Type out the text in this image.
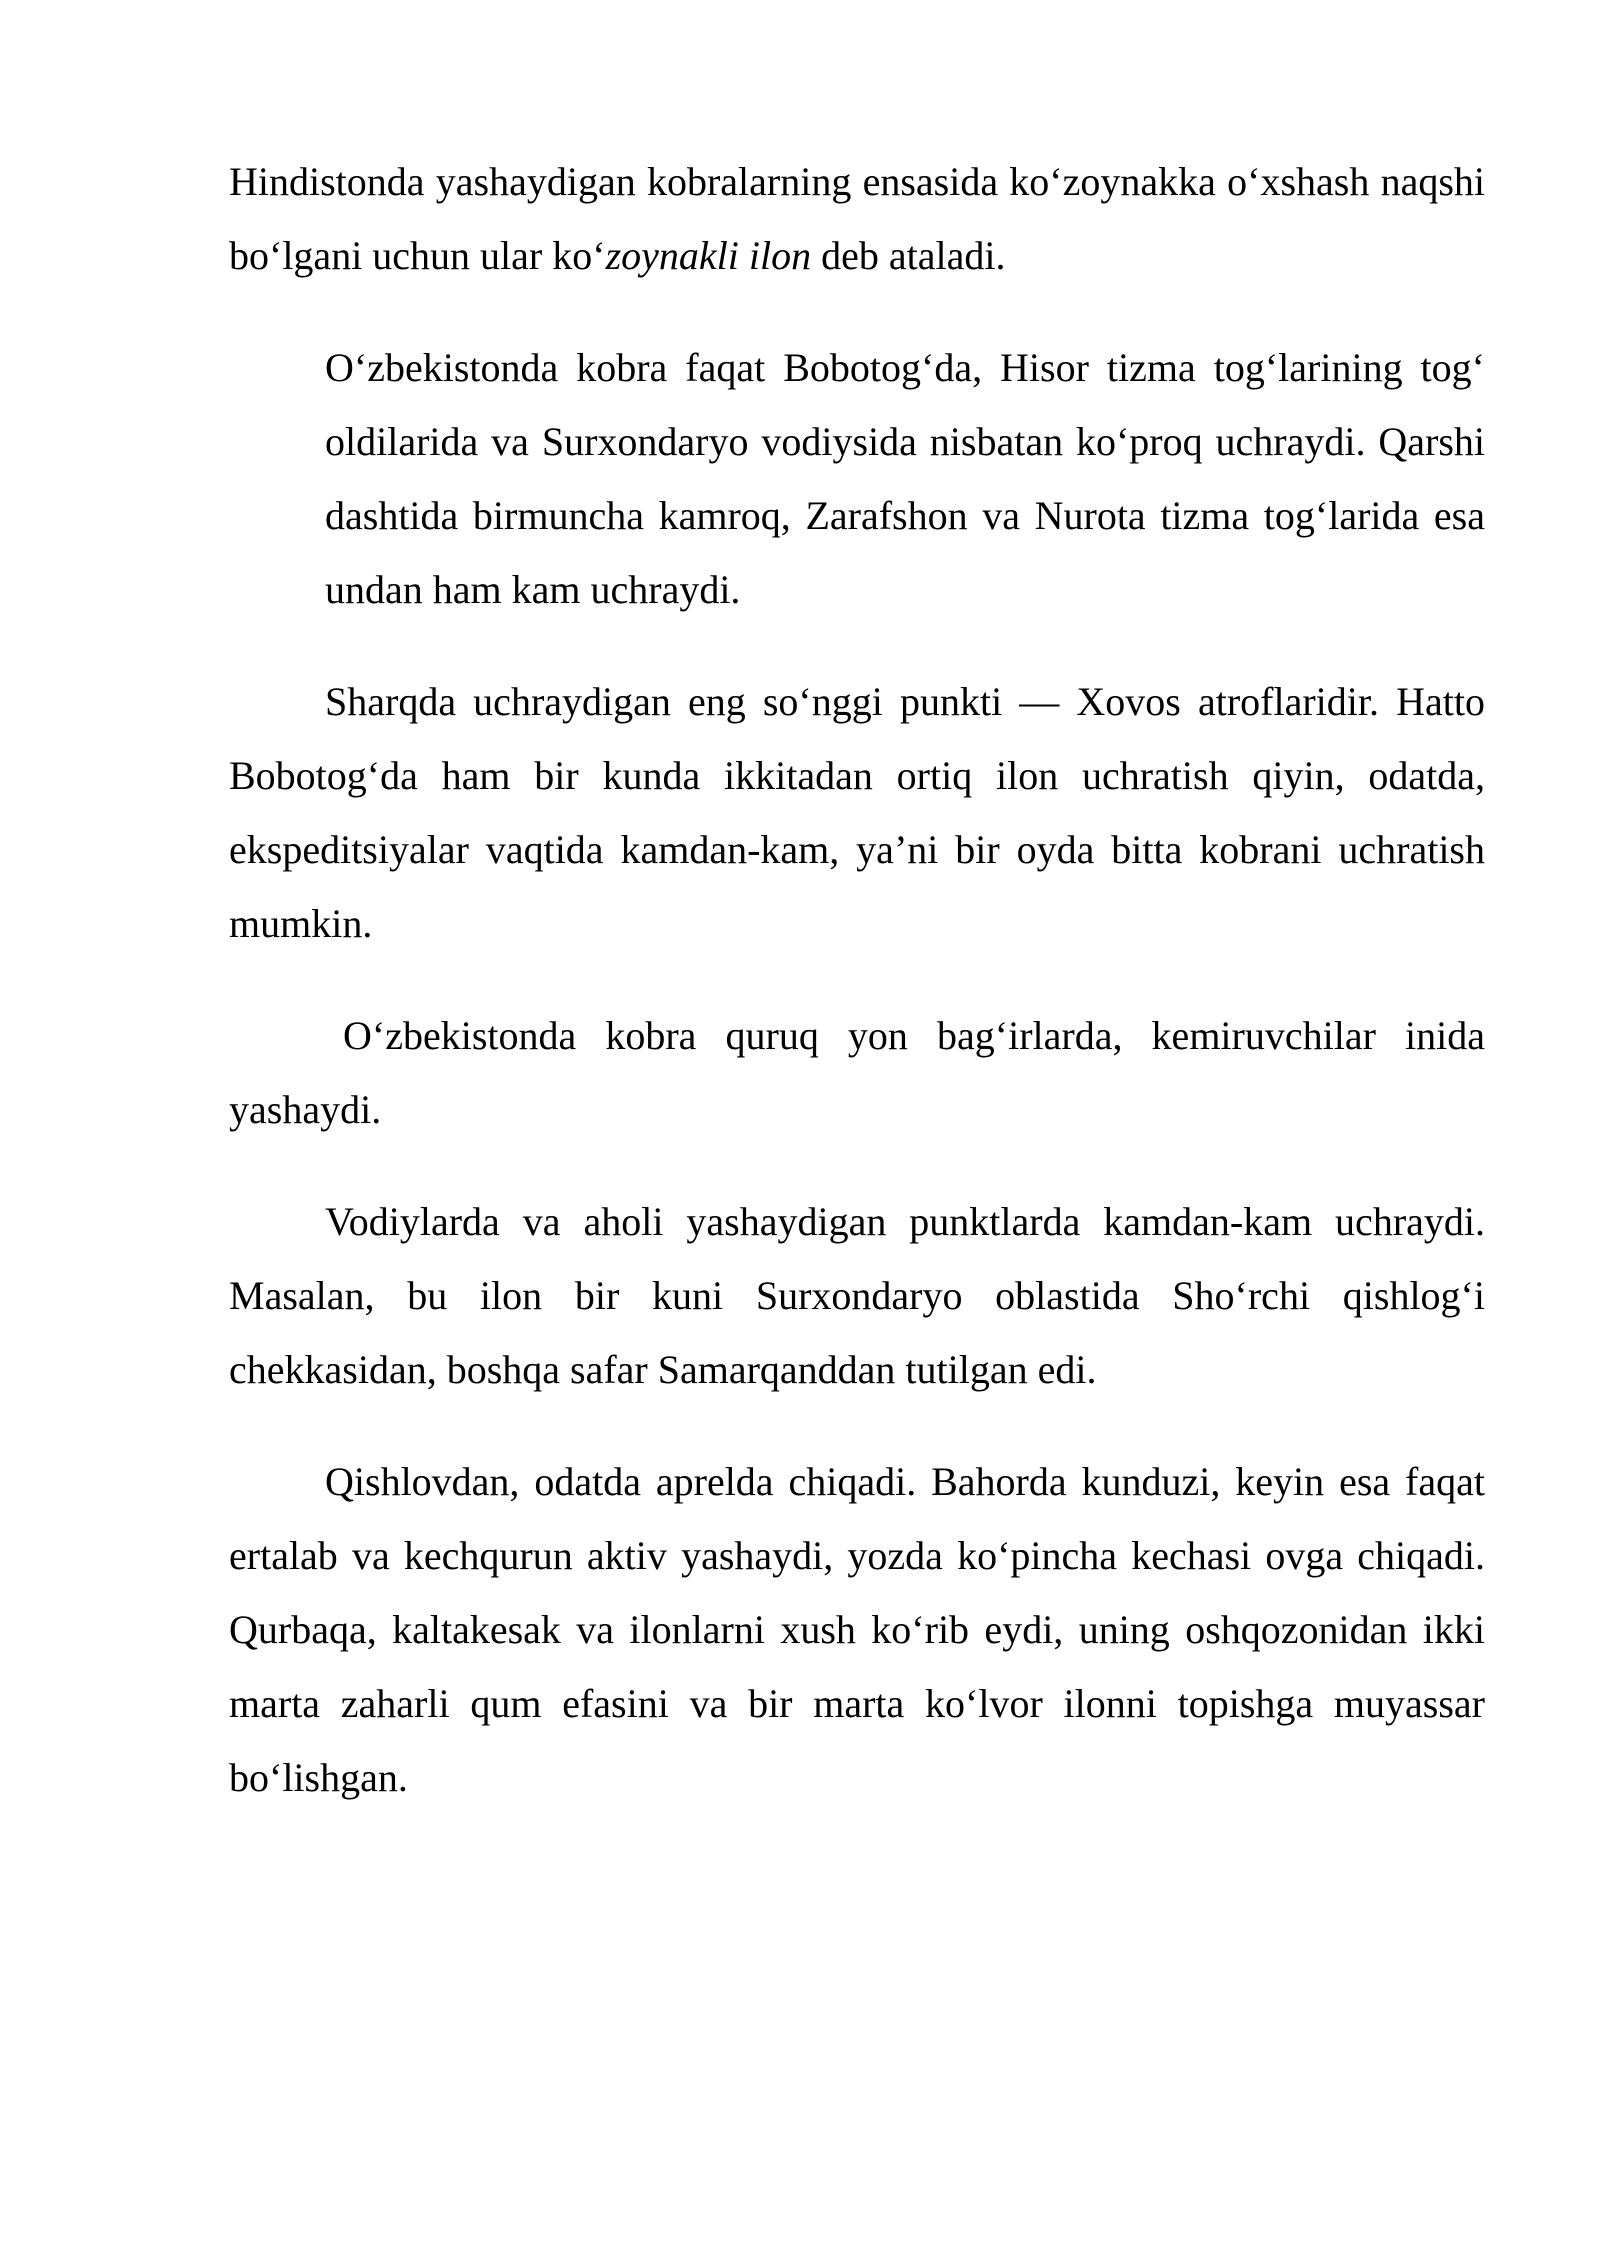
Hindistonda yashaydigan kobralarning ensasida ko‘zoynakka o‘xshash naqshi bo‘lgani uchun ular ko‘zoynakli ilon deb ataladi.

O‘zbekistonda kobra faqat Bobotog‘da, Hisor tizma tog‘larining tog‘ oldilarida va Surxondaryo vodiysida nisbatan ko‘proq uchraydi. Qarshi dashtida birmuncha kamroq, Zarafshon va Nurota tizma tog‘larida esa undan ham kam uchraydi.

Sharqda uchraydigan eng so‘nggi punkti — Xovos atroflaridir. Hatto Bobotog‘da ham bir kunda ikkitadan ortiq ilon uchratish qiyin, odatda, ekspeditsiyalar vaqtida kamdan-kam, ya’ni bir oyda bitta kobrani uchratish mumkin.

O‘zbekistonda kobra quruq yon bag‘irlarda, kemiruvchilar inida yashaydi.

Vodiylarda va aholi yashaydigan punktlarda kamdan-kam uchraydi. Masalan, bu ilon bir kuni Surxondaryo oblastida Sho‘rchi qishlog‘i chekkasidan, boshqa safar Samarqanddan tutilgan edi.

Qishlovdan, odatda aprelda chiqadi. Bahorda kunduzi, keyin esa faqat ertalab va kechqurun aktiv yashaydi, yozda ko‘pincha kechasi ovga chiqadi. Qurbaqa, kaltakesak va ilonlarni xush ko‘rib eydi, uning oshqozonidan ikki marta zaharli qum efasini va bir marta ko‘lvor ilonni topishga muyassar bo‘lishgan.
